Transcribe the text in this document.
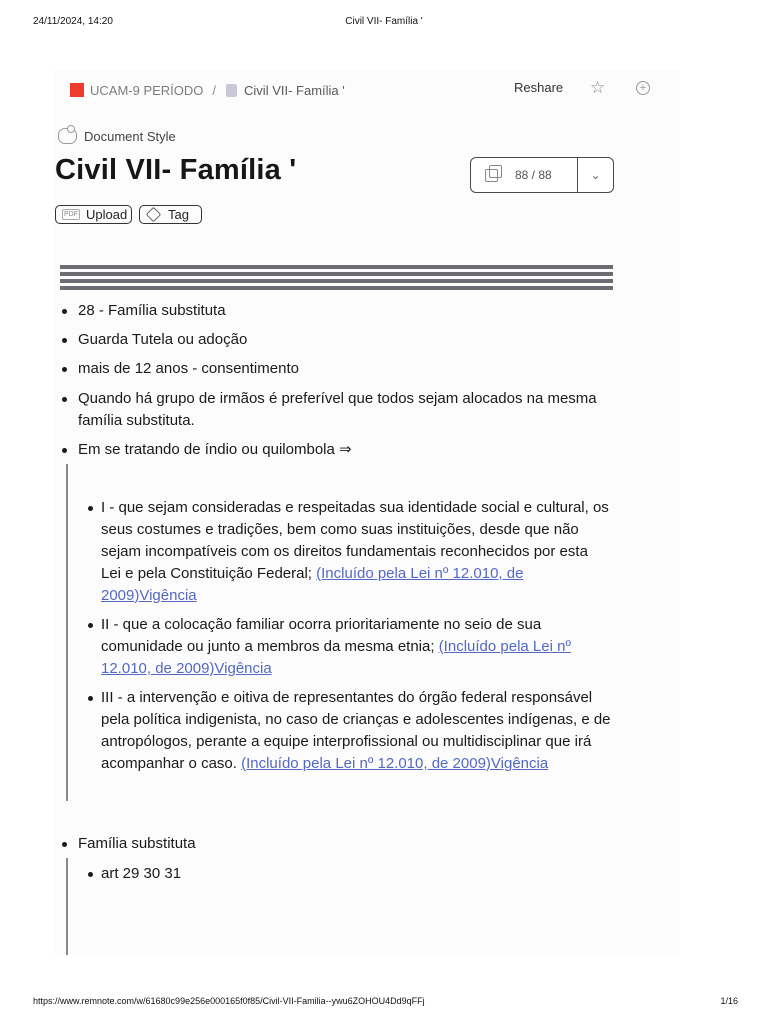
24/11/2024, 14:20	Civil VII- Família '
UCAM-9 PERÍODO / Civil VII- Família '	Reshare ☆	+
Document Style
Civil VII- Família '	88 / 88	⌄
PDF Upload	Tag
28 - Família substituta
Guarda Tutela ou adoção
mais de 12 anos - consentimento
Quando há grupo de irmãos é preferível que todos sejam alocados na mesma família substituta.
Em se tratando de índio ou quilombola ⇒
I - que sejam consideradas e respeitadas sua identidade social e cultural, os seus costumes e tradições, bem como suas instituições, desde que não sejam incompatíveis com os direitos fundamentais reconhecidos por esta Lei e pela Constituição Federal; (Incluído pela Lei nº 12.010, de 2009)Vigência
II - que a colocação familiar ocorra prioritariamente no seio de sua comunidade ou junto a membros da mesma etnia; (Incluído pela Lei nº 12.010, de 2009)Vigência
III - a intervenção e oitiva de representantes do órgão federal responsável pela política indigenista, no caso de crianças e adolescentes indígenas, e de antropólogos, perante a equipe interprofissional ou multidisciplinar que irá acompanhar o caso. (Incluído pela Lei nº 12.010, de 2009)Vigência
Família substituta
art 29 30 31
https://www.remnote.com/w/61680c99e256e000165f0f85/Civil-VII-Familia--ywu6ZOHOU4Dd9qFFj	1/16
